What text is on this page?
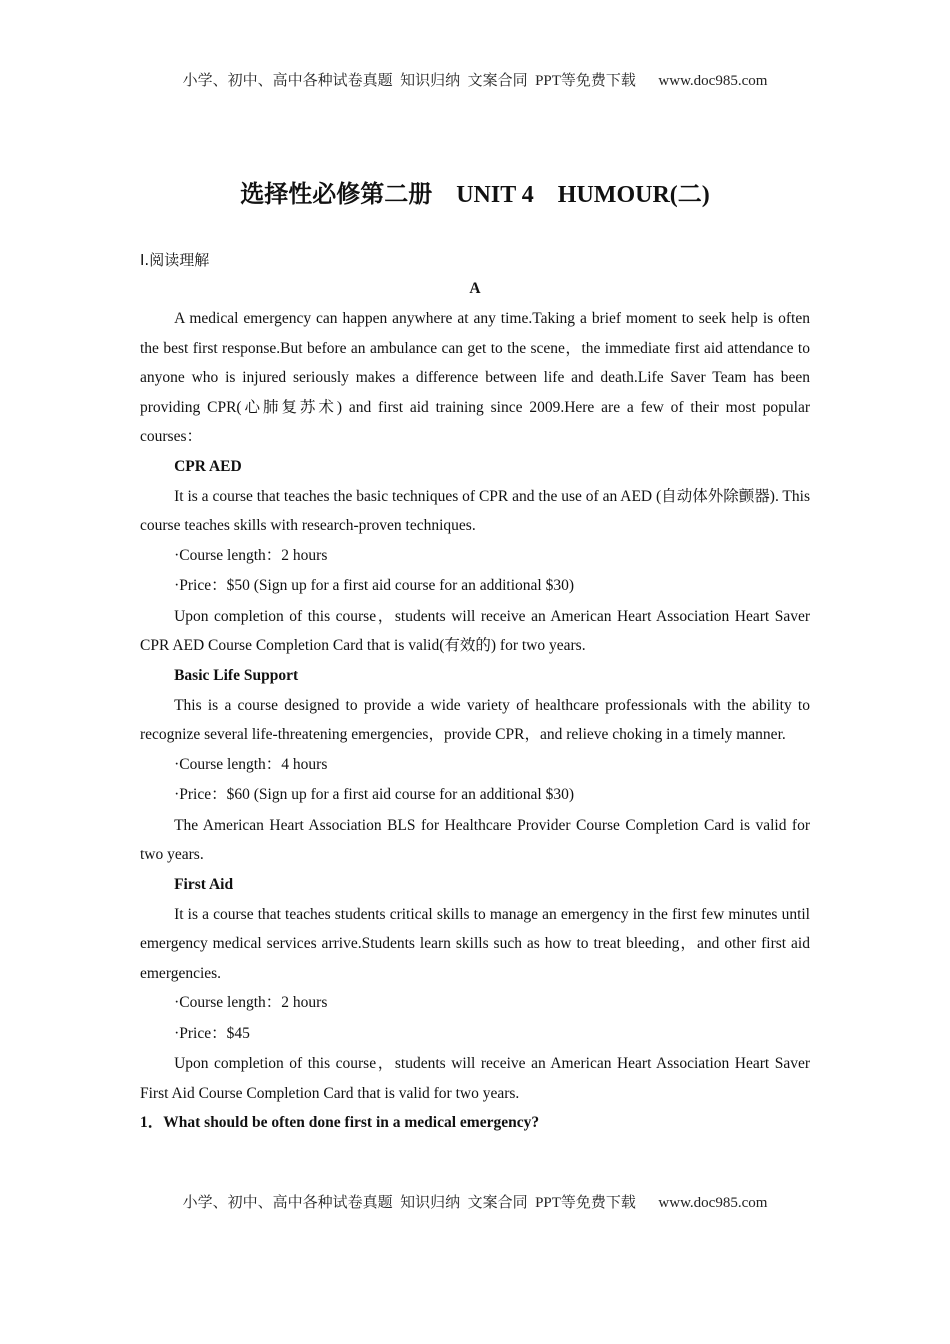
小学、初中、高中各种试卷真题  知识归纳  文案合同  PPT等免费下载      www.doc985.com
选择性必修第二册    UNIT 4    HUMOUR(二)

Ⅰ.阅读理解

A

A medical emergency can happen anywhere at any time.Taking a brief moment to seek help is often the best first response.But before an ambulance can get to the scene，the immediate first aid attendance to anyone who is injured seriously makes a difference between life and death.Life Saver Team has been providing CPR(心肺复苏术) and first aid training since 2009.Here are a few of their most popular courses：

CPR AED

It is a course that teaches the basic techniques of CPR and the use of an AED (自动体外除颤器). This course teaches skills with research-proven techniques.

·Course length：2 hours

·Price：$50 (Sign up for a first aid course for an additional $30)

Upon completion of this course，students will receive an American Heart Association Heart Saver CPR AED Course Completion Card that is valid(有效的) for two years.

Basic Life Support

This is a course designed to provide a wide variety of healthcare professionals with the ability to recognize several life-threatening emergencies，provide CPR，and relieve choking in a timely manner.

·Course length：4 hours

·Price：$60 (Sign up for a first aid course for an additional $30)

The American Heart Association BLS for Healthcare Provider Course Completion Card is valid for two years.

First Aid

It is a course that teaches students critical skills to manage an emergency in the first few minutes until emergency medical services arrive.Students learn skills such as how to treat bleeding，and other first aid emergencies.

·Course length：2 hours

·Price：$45

Upon completion of this course，students will receive an American Heart Association Heart Saver First Aid Course Completion Card that is valid for two years.

1．What should be often done first in a medical emergency?

小学、初中、高中各种试卷真题  知识归纳  文案合同  PPT等免费下载      www.doc985.com
